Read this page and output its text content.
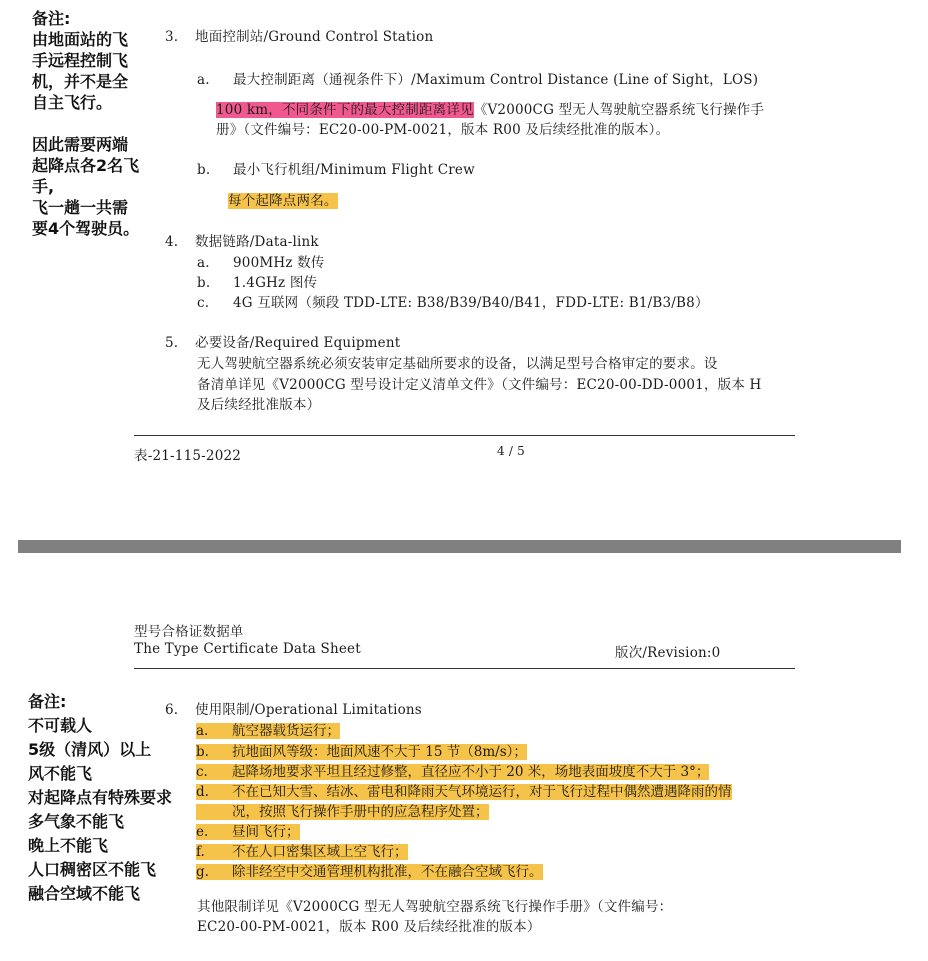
备注:
由地面站的飞
手远程控制飞
机，并不是全
自主飞行。
因此需要两端
起降点各2名飞
手,
飞一趟一共需
要4个驾驶员。
3. 地面控制站/Ground Control Station
a. 最大控制距离（通视条件下）/Maximum Control Distance (Line of Sight，LOS)
100 km，不同条件下的最大控制距离详见《V2000CG 型无人驾驶航空器系统飞行操作手
册》（文件编号：EC20-00-PM-0021，版本 R00 及后续经批准的版本）。
b. 最小飞行机组/Minimum Flight Crew
每个起降点两名。
4. 数据链路/Data-link
a. 900MHz 数传
b. 1.4GHz 图传
c. 4G 互联网（频段 TDD-LTE: B38/B39/B40/B41，FDD-LTE: B1/B3/B8）
5. 必要设备/Required Equipment
无人驾驶航空器系统必须安装审定基础所要求的设备，以满足型号合格审定的要求。设
备清单详见《V2000CG 型号设计定义清单文件》（文件编号：EC20-00-DD-0001，版本 H
及后续经批准版本）
表-21-115-2022	4 / 5
型号合格证数据单
The Type Certificate Data Sheet	版次/Revision:0
备注:
不可载人
5级（清风）以上
风不能飞
对起降点有特殊要求
多气象不能飞
晚上不能飞
人口稠密区不能飞
融合空域不能飞
6. 使用限制/Operational Limitations
a. 航空器载货运行；
b. 抗地面风等级：地面风速不大于 15 节（8m/s）；
c. 起降场地要求平坦且经过修整，直径应不小于 20 米，场地表面坡度不大于 3°；
d. 不在已知大雪、结冰、雷电和降雨天气环境运行，对于飞行过程中偶然遭遇降雨的情
况，按照飞行操作手册中的应急程序处置；
e. 昼间飞行；
f. 不在人口密集区域上空飞行；
g. 除非经空中交通管理机构批准，不在融合空域飞行。
其他限制详见《V2000CG 型无人驾驶航空器系统飞行操作手册》（文件编号：
EC20-00-PM-0021，版本 R00 及后续经批准的版本）
